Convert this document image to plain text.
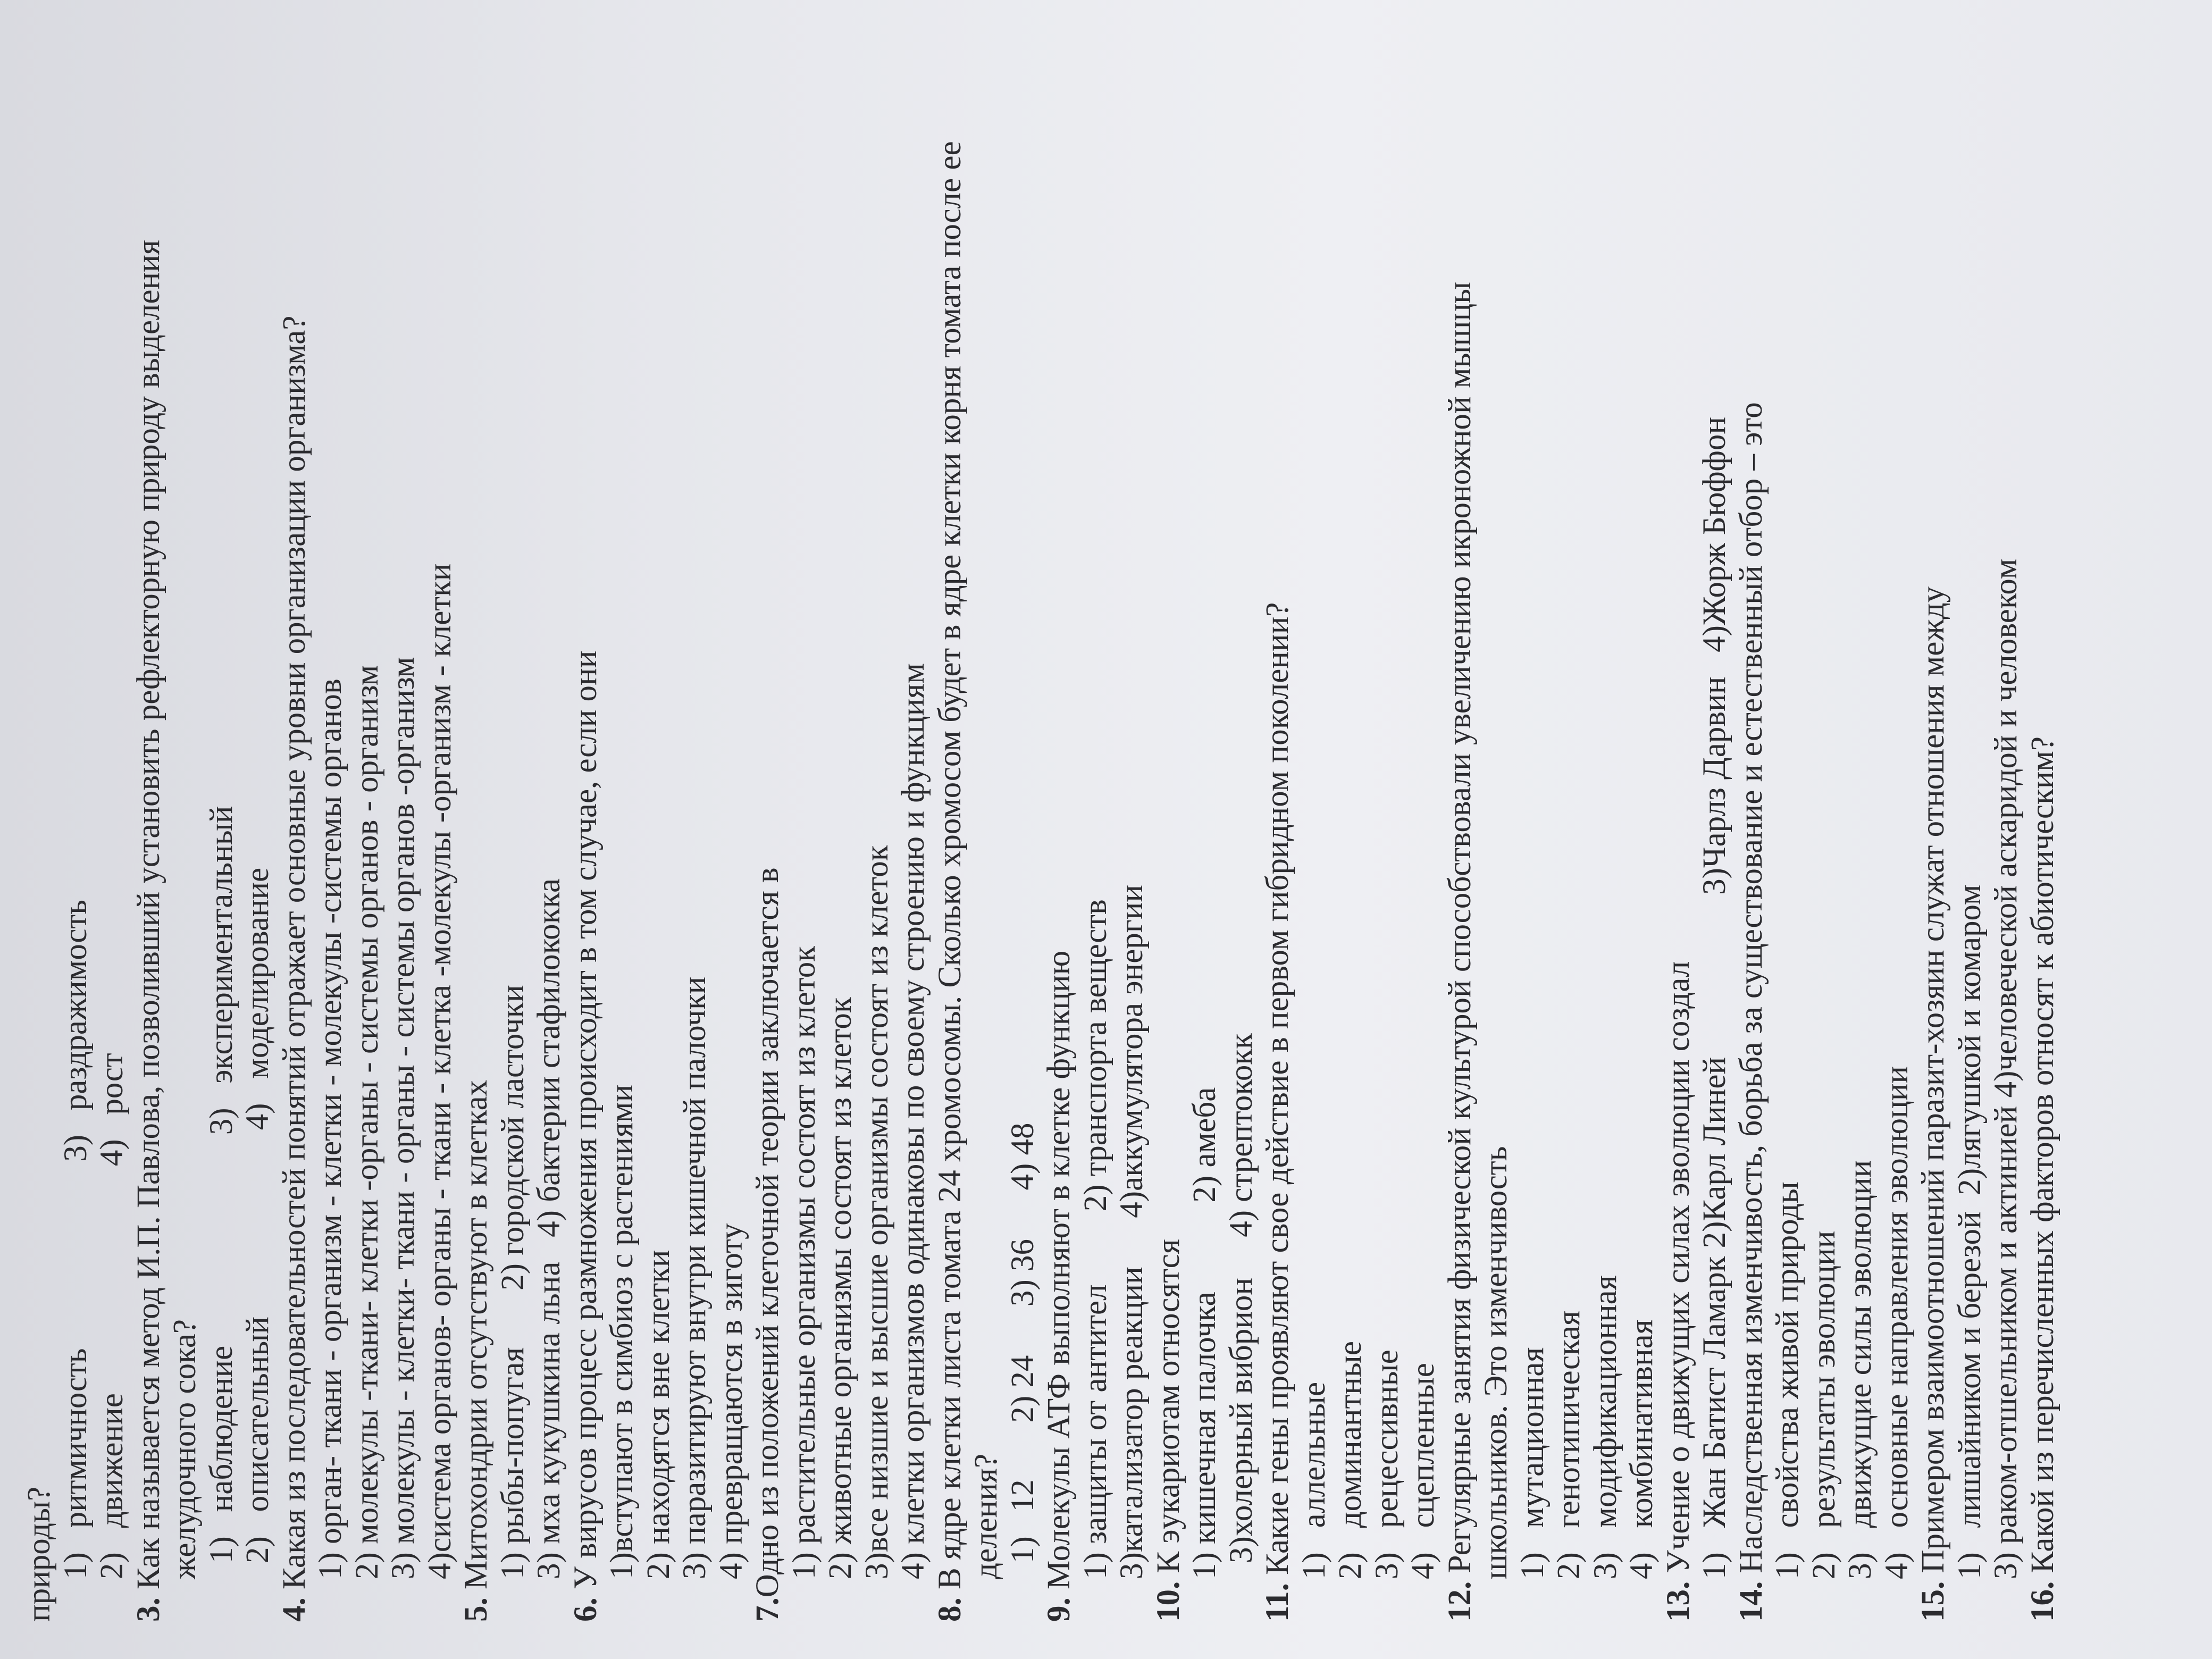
природы? 1)   ритмичность                       3)   раздражимость 2)   движение                            4)   рост
3. Как называется метод И.П. Павлова, позволивший установить рефлекторную природу выделения желудочного сока? 1)   наблюдение                          3)   экспериментальный 2)   описательный                       4)   моделирование
4. Какая из последовательностей понятий отражает основные уровни организации организма? 1) орган- ткани - организм - клетки - молекулы -системы органов 2) молекулы -ткани- клетки -органы - системы органов - организм 3) молекулы - клетки- ткани - органы - системы органов -организм 4)система органов- органы - ткани - клетка -молекулы -организм - клетки
5. Митохондрии отсутствуют в клетках 1) рыбы-попугая       2) городской ласточки 3) мха кукушкина льна   4) бактерии стафилококка
6. У вирусов процесс размножения происходит в том случае, если они 1)вступают в симбиоз с растениями 2) находятся вне клетки 3) паразитируют внутри кишечной палочки 4) превращаются в зиготу
7.Одно из положений клеточной теории заключается в 1) растительные организмы состоят из клеток 2) животные организмы состоят из клеток 3)все низшие и высшие организмы состоят из клеток 4) клетки организмов одинаковы по своему строению и функциям
8. В ядре клетки листа томата 24 хромосомы. Сколько хромосом будет в ядре клетки корня томата после ее деления? 1)   12       2) 24      3) 36      4) 48
9. Молекулы АТФ выполняют в клетке функцию 1) защиты от антител         2) транспорта веществ 3)катализатор реакции      4)аккумулятора энергии
10. К эукариотам относятся 1) кишечная палочка           2) амеба 3)холерный вибрион     4) стрептококк
11. Какие гены проявляют свое действие в первом гибридном поколении? 1)   аллельные 2)   доминантные 3)   рецессивные 4)   сцепленные
12. Регулярные занятия физической культурой способствовали увеличению икроножной мышцы школьников. Это изменчивость 1)   мутационная 2)   генотипическая 3)   модификационная 4)   комбинативная
13. Учение о движущих силах эволюции создал 1)   Жан Батист Ламарк 2)Карл Линей                    3)Чарлз Дарвин   4)Жорж Бюффон
14. Наследственная изменчивость, борьба за существование и естественный отбор – это 1)   свойства живой природы 2)   результаты эволюции 3)   движущие силы эволюции 4)   основные направления эволюции
15. Примером взаимоотношений паразит-хозяин служат отношения между 1)   лишайником и березой  2)лягушкой и комаром 3) раком-отшельником и актинией 4)человеческой аскаридой и человеком
16. Какой из перечисленных факторов относят к абиотическим?
